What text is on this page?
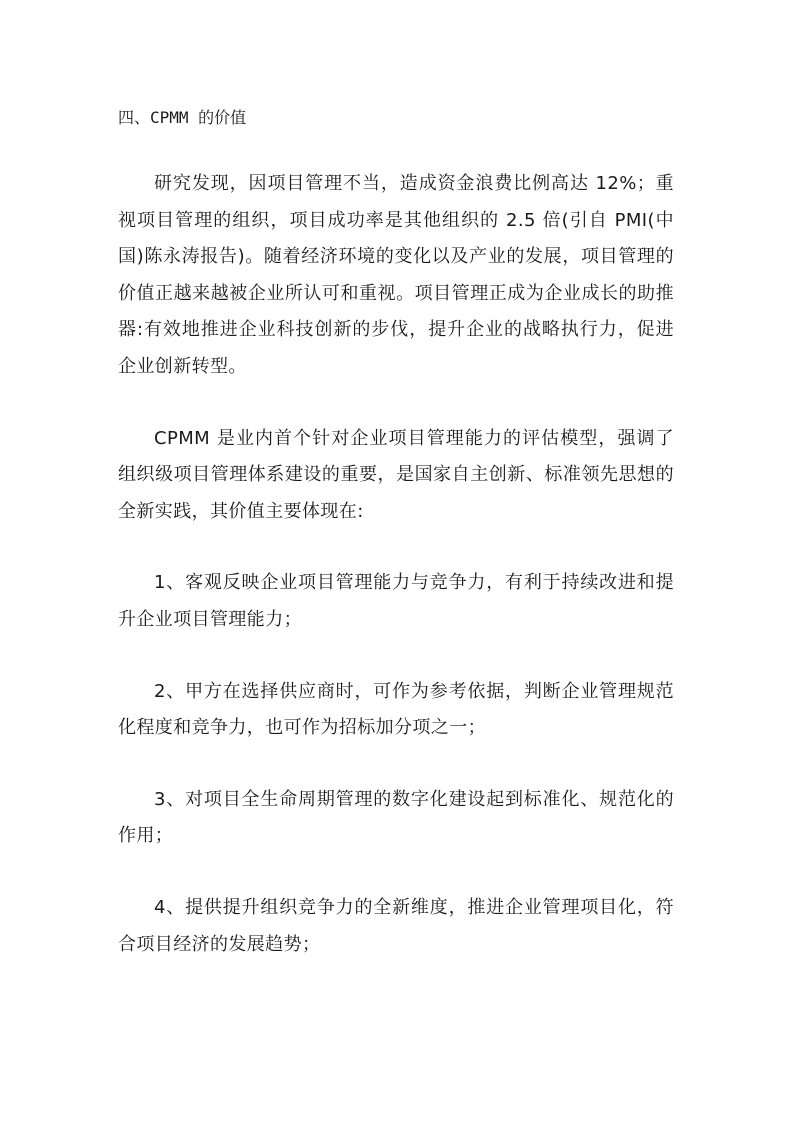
四、CPMM 的价值

研究发现，因项目管理不当，造成资金浪费比例高达 12%；重视项目管理的组织，项目成功率是其他组织的 2.5 倍(引自 PMI(中国)陈永涛报告)。随着经济环境的变化以及产业的发展，项目管理的价值正越来越被企业所认可和重视。项目管理正成为企业成长的助推器:有效地推进企业科技创新的步伐，提升企业的战略执行力，促进企业创新转型。

CPMM 是业内首个针对企业项目管理能力的评估模型，强调了组织级项目管理体系建设的重要，是国家自主创新、标准领先思想的全新实践，其价值主要体现在:

1、客观反映企业项目管理能力与竞争力，有利于持续改进和提升企业项目管理能力；

2、甲方在选择供应商时，可作为参考依据，判断企业管理规范化程度和竞争力，也可作为招标加分项之一；

3、对项目全生命周期管理的数字化建设起到标准化、规范化的作用；

4、提供提升组织竞争力的全新维度，推进企业管理项目化，符合项目经济的发展趋势；
